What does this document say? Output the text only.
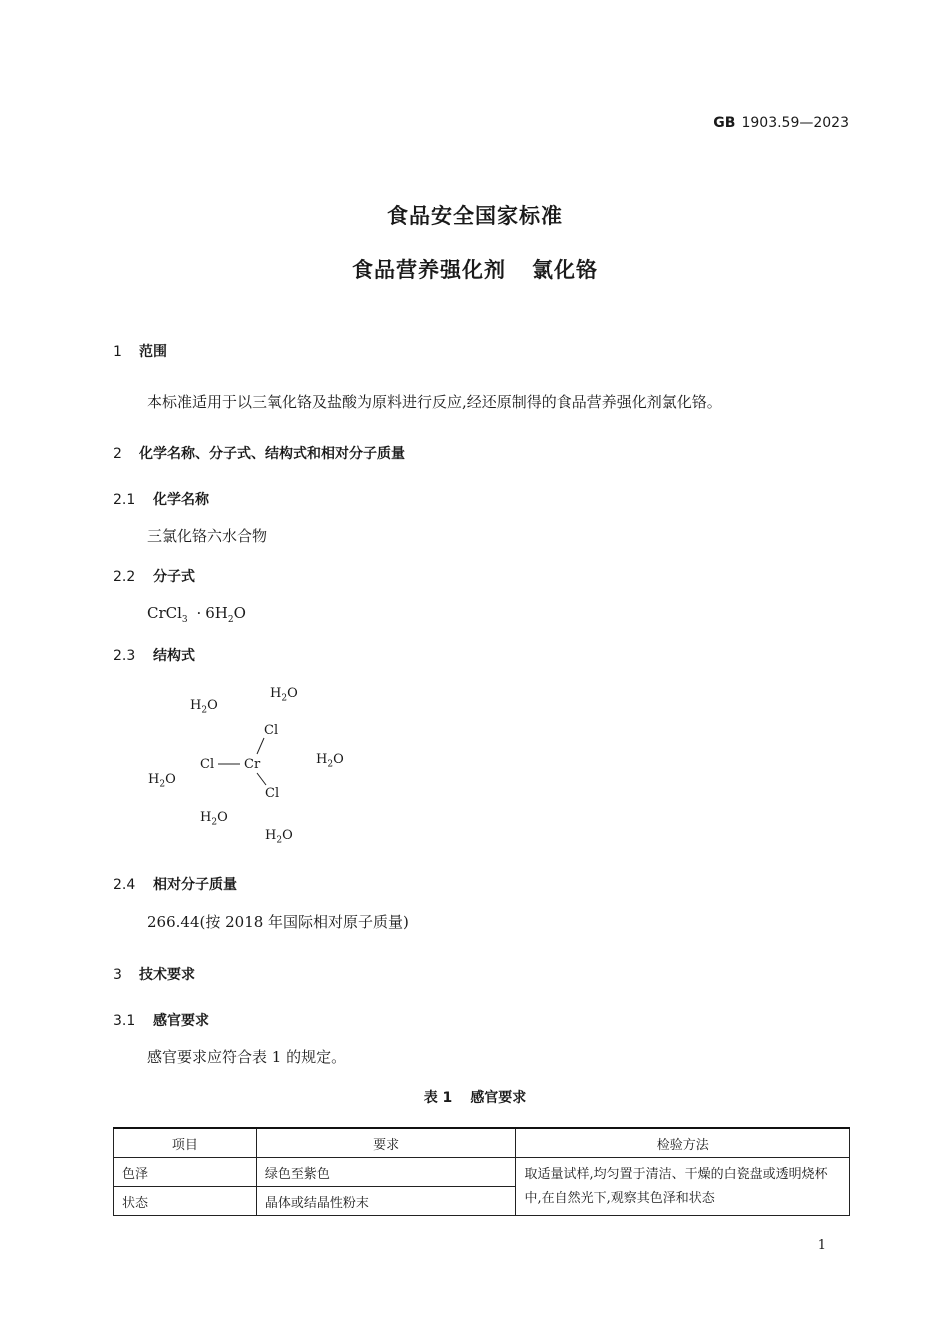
GB 1903.59—2023
食品安全国家标准
食品营养强化剂 氯化铬
1 范围
本标准适用于以三氧化铬及盐酸为原料进行反应,经还原制得的食品营养强化剂氯化铬。
2 化学名称、分子式、结构式和相对分子质量
2.1 化学名称
三氯化铬六水合物
2.2 分子式
CrCl$_3$ · $6H_2O$
2.3 结构式
$H_2O$
$H_2O$
Cl
Cl Cr	$H_2O$
$H_2O$
Cl
$H_2O$
$H_2O$
2.4 相对分子质量
266.44(按 2018 年国际相对原子质量)
3 技术要求
3.1 感官要求
感官要求应符合表 1 的规定。
表 1 感官要求
项目	要求	检验方法
色泽	绿色至紫色	取适量试样,均匀置于清洁、干燥的白瓷盘或透明烧杯中,在自然光下,观察其色泽和状态
状态	晶体或结晶性粉末	
1
